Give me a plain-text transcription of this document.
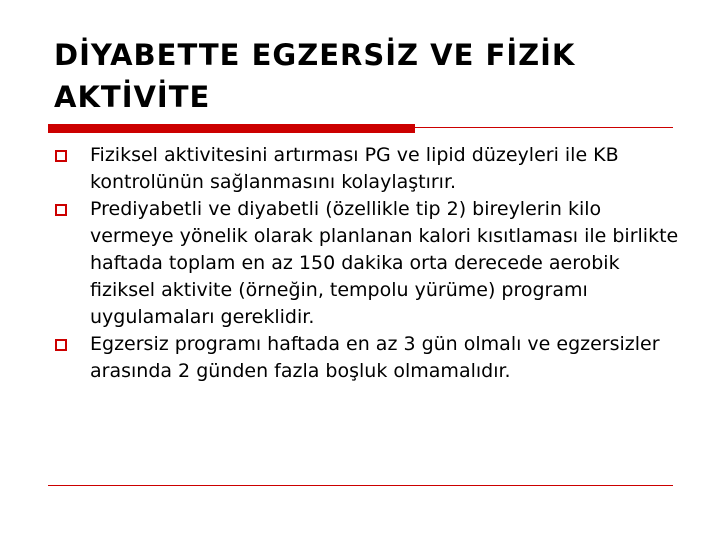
DİYABETTE EGZERSİZ VE FİZİK AKTİVİTE
Fiziksel aktivitesini artırması PG ve lipid düzeyleri ile KB kontrolünün sağlanmasını kolaylaştırır.
Prediyabetli ve diyabetli (özellikle tip 2) bireylerin kilo vermeye yönelik olarak planlanan kalori kısıtlaması ile birlikte haftada toplam en az 150 dakika orta derecede aerobik fiziksel aktivite (örneğin, tempolu yürüme) programı uygulamaları gereklidir.
Egzersiz programı haftada en az 3 gün olmalı ve egzersizler arasında 2 günden fazla boşluk olmamalıdır.
